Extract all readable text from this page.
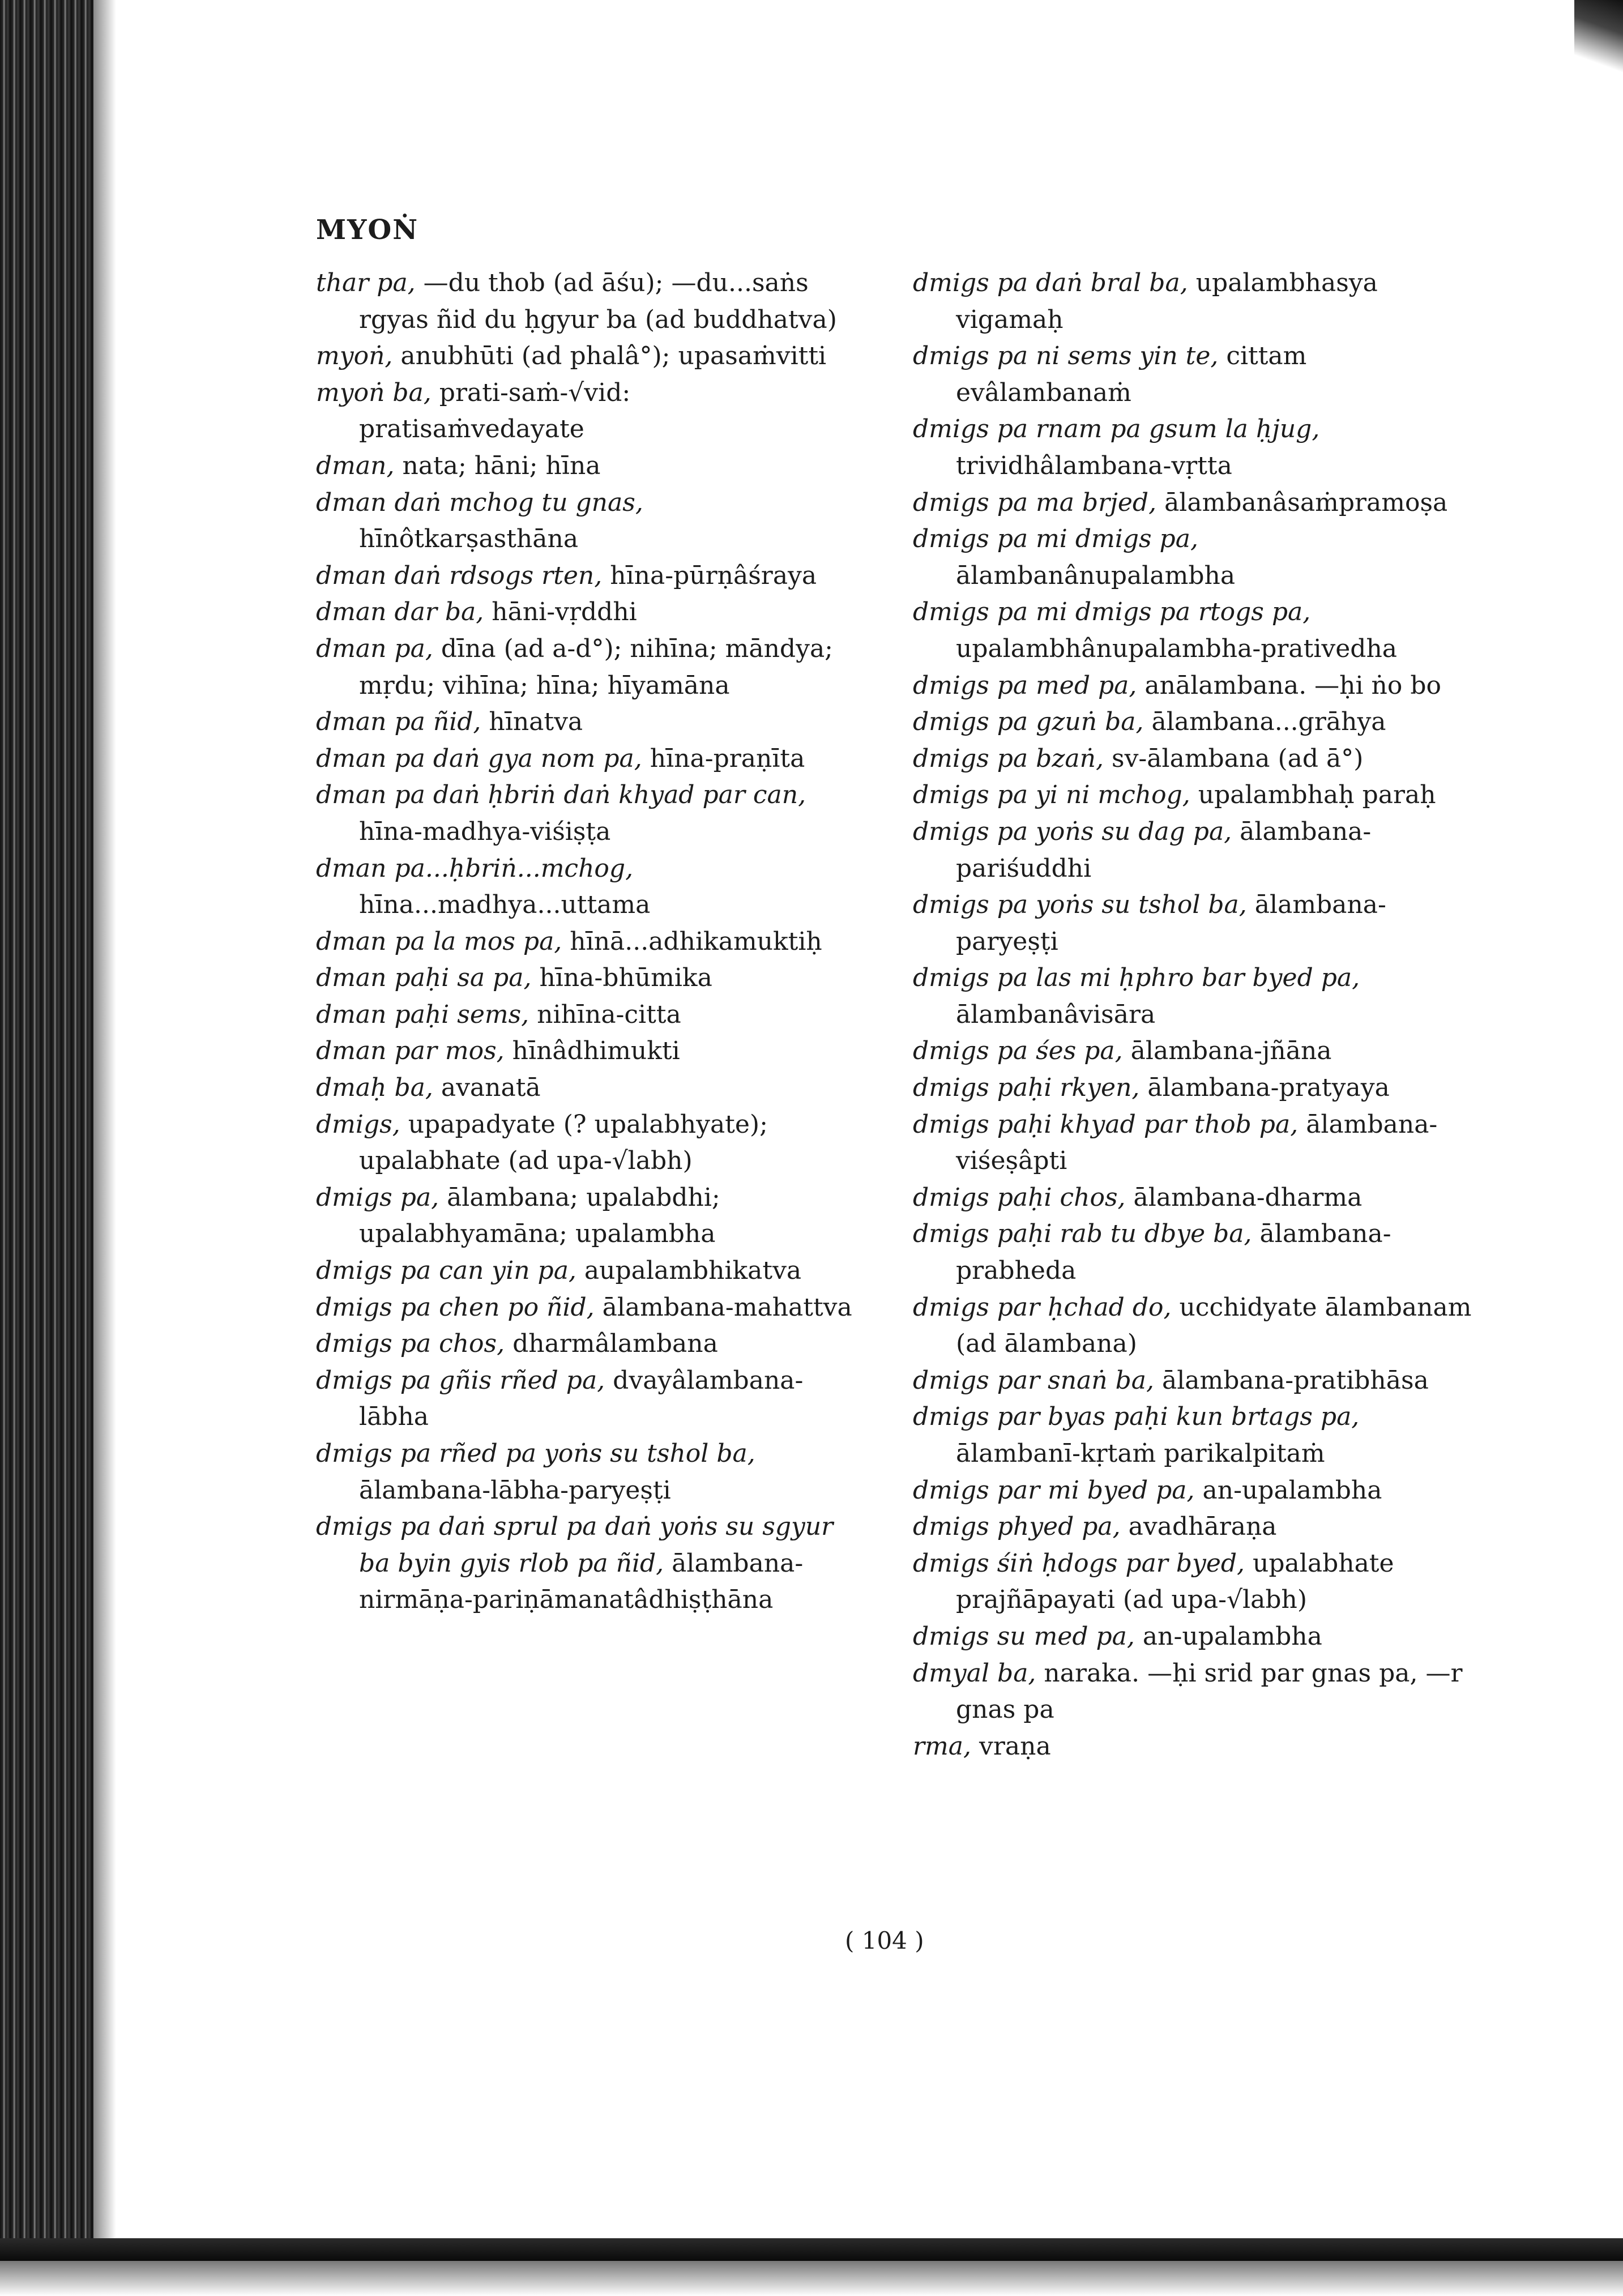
MYOṄ
thar pa, —du thob (ad āśu); —du...saṅs rgyas ñid du ḥgyur ba (ad buddhatva)
myoṅ, anubhūti (ad phalâ°); upasaṁvitti
myoṅ ba, prati-saṁ-√vid: pratisaṁvedayate
dman, nata; hāni; hīna
dman daṅ mchog tu gnas, hīnôtkarṣasthāna
dman daṅ rdsogs rten, hīna-pūrṇâśraya
dman dar ba, hāni-vṛddhi
dman pa, dīna (ad a-d°); nihīna; māndya; mṛdu; vihīna; hīna; hīyamāna
dman pa ñid, hīnatva
dman pa daṅ gya nom pa, hīna-praṇīta
dman pa daṅ ḥbriṅ daṅ khyad par can, hīna-madhya-viśiṣṭa
dman pa...ḥbriṅ...mchog, hīna...madhya...uttama
dman pa la mos pa, hīnā...adhikamuktiḥ
dman paḥi sa pa, hīna-bhūmika
dman paḥi sems, nihīna-citta
dman par mos, hīnâdhimukti
dmaḥ ba, avanatā
dmigs, upapadyate (? upalabhyate); upalabhate (ad upa-√labh)
dmigs pa, ālambana; upalabdhi; upalabhyamāna; upalambha
dmigs pa can yin pa, aupalambhikatva
dmigs pa chen po ñid, ālambana-mahattva
dmigs pa chos, dharmâlambana
dmigs pa gñis rñed pa, dvayâlambana-lābha
dmigs pa rñed pa yoṅs su tshol ba, ālambana-lābha-paryeṣṭi
dmigs pa daṅ sprul pa daṅ yoṅs su sgyur ba byin gyis rlob pa ñid, ālambana-nirmāṇa-pariṇāmanatâdhiṣṭhāna
dmigs pa daṅ bral ba, upalambhasya vigamaḥ
dmigs pa ni sems yin te, cittam evâlambanaṁ
dmigs pa rnam pa gsum la ḥjug, trividhâlambana-vṛtta
dmigs pa ma brjed, ālambanâsaṁpramoṣa
dmigs pa mi dmigs pa, ālambanânupalambha
dmigs pa mi dmigs pa rtogs pa, upalambhânupalambha-prativedha
dmigs pa med pa, anālambana. —ḥi ṅo bo
dmigs pa gzuṅ ba, ālambana...grāhya
dmigs pa bzaṅ, sv-ālambana (ad ā°)
dmigs pa yi ni mchog, upalambhaḥ paraḥ
dmigs pa yoṅs su dag pa, ālambana-pariśuddhi
dmigs pa yoṅs su tshol ba, ālambana-paryeṣṭi
dmigs pa las mi ḥphro bar byed pa, ālambanâvisāra
dmigs pa śes pa, ālambana-jñāna
dmigs paḥi rkyen, ālambana-pratyaya
dmigs paḥi khyad par thob pa, ālambana-viśeṣâpti
dmigs paḥi chos, ālambana-dharma
dmigs paḥi rab tu dbye ba, ālambana-prabheda
dmigs par ḥchad do, ucchidyate ālambanam (ad ālambana)
dmigs par snaṅ ba, ālambana-pratibhāsa
dmigs par byas paḥi kun brtags pa, ālambanī-kṛtaṁ parikalpitaṁ
dmigs par mi byed pa, an-upalambha
dmigs phyed pa, avadhāraṇa
dmigs śiṅ ḥdogs par byed, upalabhate prajñāpayati (ad upa-√labh)
dmigs su med pa, an-upalambha
dmyal ba, naraka. —ḥi srid par gnas pa, —r gnas pa
rma, vraṇa
( 104 )
